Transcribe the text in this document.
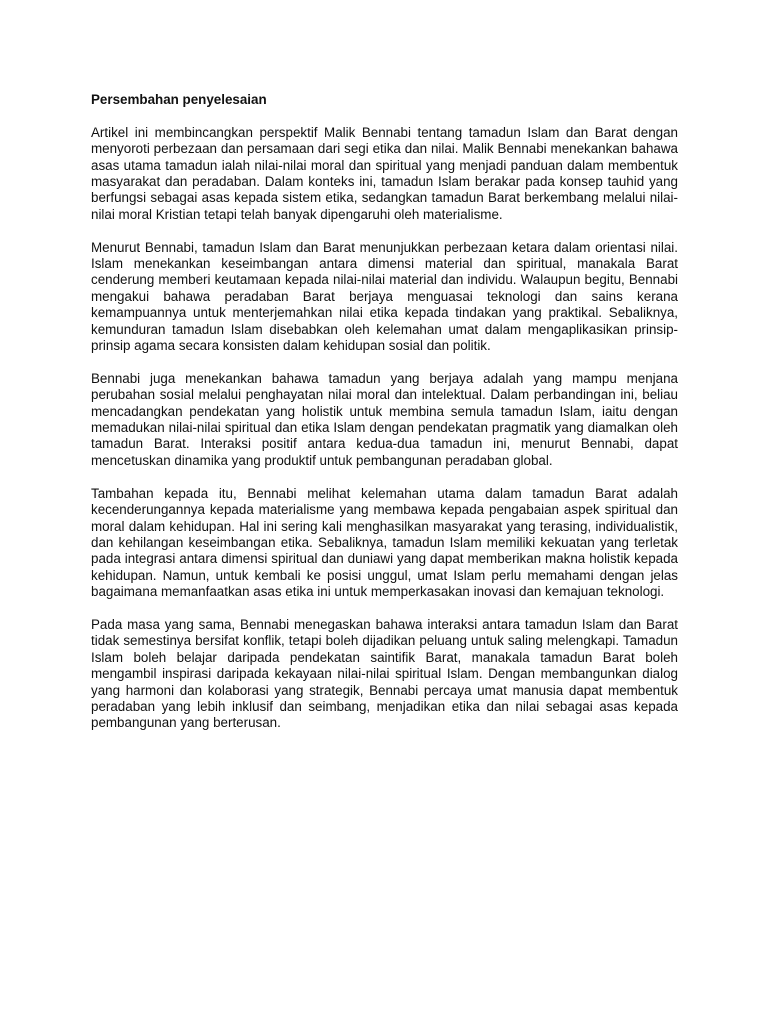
Persembahan penyelesaian

Artikel ini membincangkan perspektif Malik Bennabi tentang tamadun Islam dan Barat dengan menyoroti perbezaan dan persamaan dari segi etika dan nilai. Malik Bennabi menekankan bahawa asas utama tamadun ialah nilai-nilai moral dan spiritual yang menjadi panduan dalam membentuk masyarakat dan peradaban. Dalam konteks ini, tamadun Islam berakar pada konsep tauhid yang berfungsi sebagai asas kepada sistem etika, sedangkan tamadun Barat berkembang melalui nilai-nilai moral Kristian tetapi telah banyak dipengaruhi oleh materialisme.

Menurut Bennabi, tamadun Islam dan Barat menunjukkan perbezaan ketara dalam orientasi nilai. Islam menekankan keseimbangan antara dimensi material dan spiritual, manakala Barat cenderung memberi keutamaan kepada nilai-nilai material dan individu. Walaupun begitu, Bennabi mengakui bahawa peradaban Barat berjaya menguasai teknologi dan sains kerana kemampuannya untuk menterjemahkan nilai etika kepada tindakan yang praktikal. Sebaliknya, kemunduran tamadun Islam disebabkan oleh kelemahan umat dalam mengaplikasikan prinsip-prinsip agama secara konsisten dalam kehidupan sosial dan politik.

Bennabi juga menekankan bahawa tamadun yang berjaya adalah yang mampu menjana perubahan sosial melalui penghayatan nilai moral dan intelektual. Dalam perbandingan ini, beliau mencadangkan pendekatan yang holistik untuk membina semula tamadun Islam, iaitu dengan memadukan nilai-nilai spiritual dan etika Islam dengan pendekatan pragmatik yang diamalkan oleh tamadun Barat. Interaksi positif antara kedua-dua tamadun ini, menurut Bennabi, dapat mencetuskan dinamika yang produktif untuk pembangunan peradaban global.

Tambahan kepada itu, Bennabi melihat kelemahan utama dalam tamadun Barat adalah kecenderungannya kepada materialisme yang membawa kepada pengabaian aspek spiritual dan moral dalam kehidupan. Hal ini sering kali menghasilkan masyarakat yang terasing, individualistik, dan kehilangan keseimbangan etika. Sebaliknya, tamadun Islam memiliki kekuatan yang terletak pada integrasi antara dimensi spiritual dan duniawi yang dapat memberikan makna holistik kepada kehidupan. Namun, untuk kembali ke posisi unggul, umat Islam perlu memahami dengan jelas bagaimana memanfaatkan asas etika ini untuk memperkasakan inovasi dan kemajuan teknologi.

Pada masa yang sama, Bennabi menegaskan bahawa interaksi antara tamadun Islam dan Barat tidak semestinya bersifat konflik, tetapi boleh dijadikan peluang untuk saling melengkapi. Tamadun Islam boleh belajar daripada pendekatan saintifik Barat, manakala tamadun Barat boleh mengambil inspirasi daripada kekayaan nilai-nilai spiritual Islam. Dengan membangunkan dialog yang harmoni dan kolaborasi yang strategik, Bennabi percaya umat manusia dapat membentuk peradaban yang lebih inklusif dan seimbang, menjadikan etika dan nilai sebagai asas kepada pembangunan yang berterusan.
